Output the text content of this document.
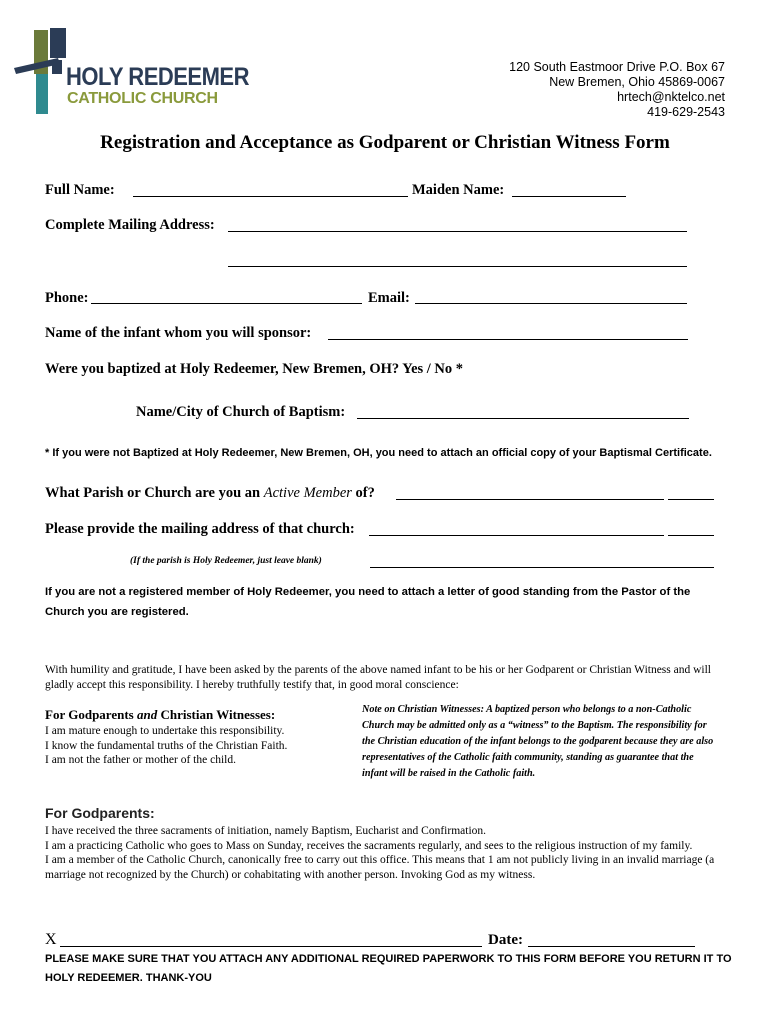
HOLY REDEEMER
CATHOLIC CHURCH
120 South Eastmoor Drive P.O. Box 67
New Bremen, Ohio 45869-0067
hrtech@nktelco.net
419-629-2543
Registration and Acceptance as Godparent or Christian Witness Form
Full Name:	Maiden Name:
Complete Mailing Address:
Phone:	Email:
Name of the infant whom you will sponsor:
Were you baptized at Holy Redeemer, New Bremen, OH? Yes / No *
Name/City of Church of Baptism:
* If you were not Baptized at Holy Redeemer, New Bremen, OH, you need to attach an official copy of your Baptismal Certificate.
What Parish or Church are you an Active Member of?
Please provide the mailing address of that church:
(If the parish is Holy Redeemer, just leave blank)
If you are not a registered member of Holy Redeemer, you need to attach a letter of good standing from the Pastor of the Church you are registered.
With humility and gratitude, I have been asked by the parents of the above named infant to be his or her Godparent or Christian Witness and will gladly accept this responsibility. I hereby truthfully testify that, in good moral conscience:
For Godparents and Christian Witnesses:
I am mature enough to undertake this responsibility.
I know the fundamental truths of the Christian Faith.
I am not the father or mother of the child.
Note on Christian Witnesses: A baptized person who belongs to a non-Catholic Church may be admitted only as a “witness” to the Baptism. The responsibility for the Christian education of the infant belongs to the godparent because they are also representatives of the Catholic faith community, standing as guarantee that the infant will be raised in the Catholic faith.
For Godparents:
I have received the three sacraments of initiation, namely Baptism, Eucharist and Confirmation.
I am a practicing Catholic who goes to Mass on Sunday, receives the sacraments regularly, and sees to the religious instruction of my family.
I am a member of the Catholic Church, canonically free to carry out this office. This means that 1 am not publicly living in an invalid marriage (a marriage not recognized by the Church) or cohabitating with another person. Invoking God as my witness.
X	Date:
PLEASE MAKE SURE THAT YOU ATTACH ANY ADDITIONAL REQUIRED PAPERWORK TO THIS FORM BEFORE YOU RETURN IT TO HOLY REDEEMER. THANK-YOU
